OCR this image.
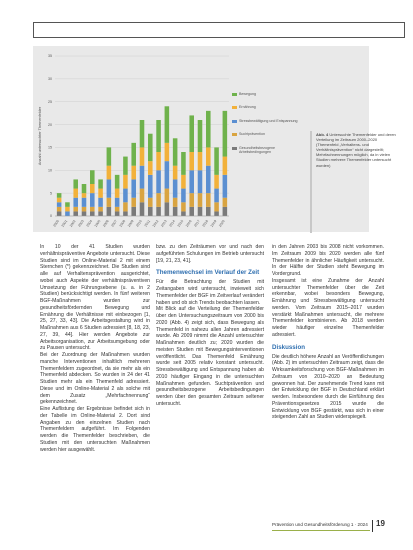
0
5
10
15
20
25
30
35
Anzahl untersuchter Themenfelder
2000 2001 2002 2003 2004 2005 2006 2007 2008 2009 2010 2011 2012 2013 2014 2015 2016 2017 2018 2019 2020
Bewegung
Ernährung
Stressbewältigung und Entspannung
Suchtprävention
Gesundheitsbezogene Arbeitsbedingungen
Abb. 4 Untersuchte Themenfelder und deren Verteilung im Zeitraum 2000–2020 (Themenfeld „Verhaltens- und Verhältnisprävention“ nicht dargestellt; Mehrfachnennungen möglich, da in vielen Studien mehrere Themenfelder untersucht wurden)

In 10 der 41 Studien wurden verhältnispräventive Angebote untersucht. Diese Studien sind im Online-Material 2 mit einem Sternchen (*) gekennzeichnet. Die Studien sind alle auf Verhaltensprävention ausgerichtet, wobei auch Aspekte der verhältnispräventiven Umsetzung der Führungsebene (u. a. in 2 Studien) berücksichtigt werden. In fünf weiteren BGF-Maßnahmen wurden zur gesundheitsfördernden Bewegung und Ernährung die Verhältnisse mit einbezogen [1, 25, 27, 33, 43]. Die Arbeitsgestaltung wird in Maßnahmen aus 6 Studien adressiert [8, 18, 23, 27, 39, 44]. Hier werden Angebote zur Arbeitsorganisation, zur Arbeitsumgebung oder zu Pausen untersucht.

Bei der Zuordnung der Maßnahmen wurden manche Interventionen inhaltlich mehreren Themenfeldern zugeordnet, da sie mehr als ein Themenfeld abdecken. So wurden in 24 der 41 Studien mehr als ein Themenfeld adressiert. Diese und im Online-Material 2 als solche mit dem Zusatz „Mehrfachnennung“ gekennzeichnet.

Eine Auflistung der Ergebnisse befindet sich in der Tabelle im Online-Material 2. Dort sind Angaben zu den einzelnen Studien nach Themenfeldern aufgeführt. Im Folgenden werden die Themenfelder beschrieben, die Studien mit den untersuchten Maßnahmen werden hier ausgewählt.

bzw. zu den Zeiträumen vor und nach den aufgeführten Schulungen im Betrieb untersucht [19, 21, 23, 41].

Themenwechsel im Verlauf der Zeit

Für die Betrachtung der Studien mit Zeitangaben wird untersucht, inwieweit sich Themenfelder der BGF im Zeitverlauf verändert haben und ob sich Trends beobachten lassen.

Mit Blick auf die Verteilung der Themenfelder über den Untersuchungszeitraum von 2000 bis 2020 (Abb. 4) zeigt sich, dass Bewegung als Themenfeld in nahezu allen Jahren adressiert wurde. Ab 2009 nimmt die Anzahl untersuchter Maßnahmen deutlich zu; 2020 wurden die meisten Studien mit Bewegungsinterventionen veröffentlicht. Das Themenfeld Ernährung wurde seit 2005 relativ konstant untersucht. Stressbewältigung und Entspannung haben ab 2010 häufiger Eingang in die untersuchten Maßnahmen gefunden. Suchtprävention und gesundheitsbezogene Arbeitsbedingungen werden über den gesamten Zeitraum seltener untersucht.

in den Jahren 2003 bis 2008 nicht vorkommen. Im Zeitraum 2009 bis 2020 werden alle fünf Themenfelder in ähnlicher Häufigkeit untersucht. In der Hälfte der Studien steht Bewegung im Vordergrund.

Insgesamt ist eine Zunahme der Anzahl untersuchter Themenfelder über die Zeit erkennbar, wobei besonders Bewegung, Ernährung und Stressbewältigung untersucht werden. Vom Zeitraum 2015–2017 wurden verstärkt Maßnahmen untersucht, die mehrere Themenfelder kombinieren. Ab 2018 werden wieder häufiger einzelne Themenfelder adressiert.

Diskussion

Die deutlich höhere Anzahl an Veröffentlichungen (Abb. 2) im untersuchten Zeitraum zeigt, dass die Wirksamkeitsforschung von BGF-Maßnahmen im Zeitraum von 2010–2020 an Bedeutung gewonnen hat. Der zunehmende Trend kann mit der Entwicklung der BGF in Deutschland erklärt werden. Insbesondere durch die Einführung des Präventionsgesetzes 2015 wurde die Entwicklung von BGF gestärkt, was sich in einer steigenden Zahl an Studien widerspiegelt.

Prävention und Gesundheitsförderung 1 · 2024 19
